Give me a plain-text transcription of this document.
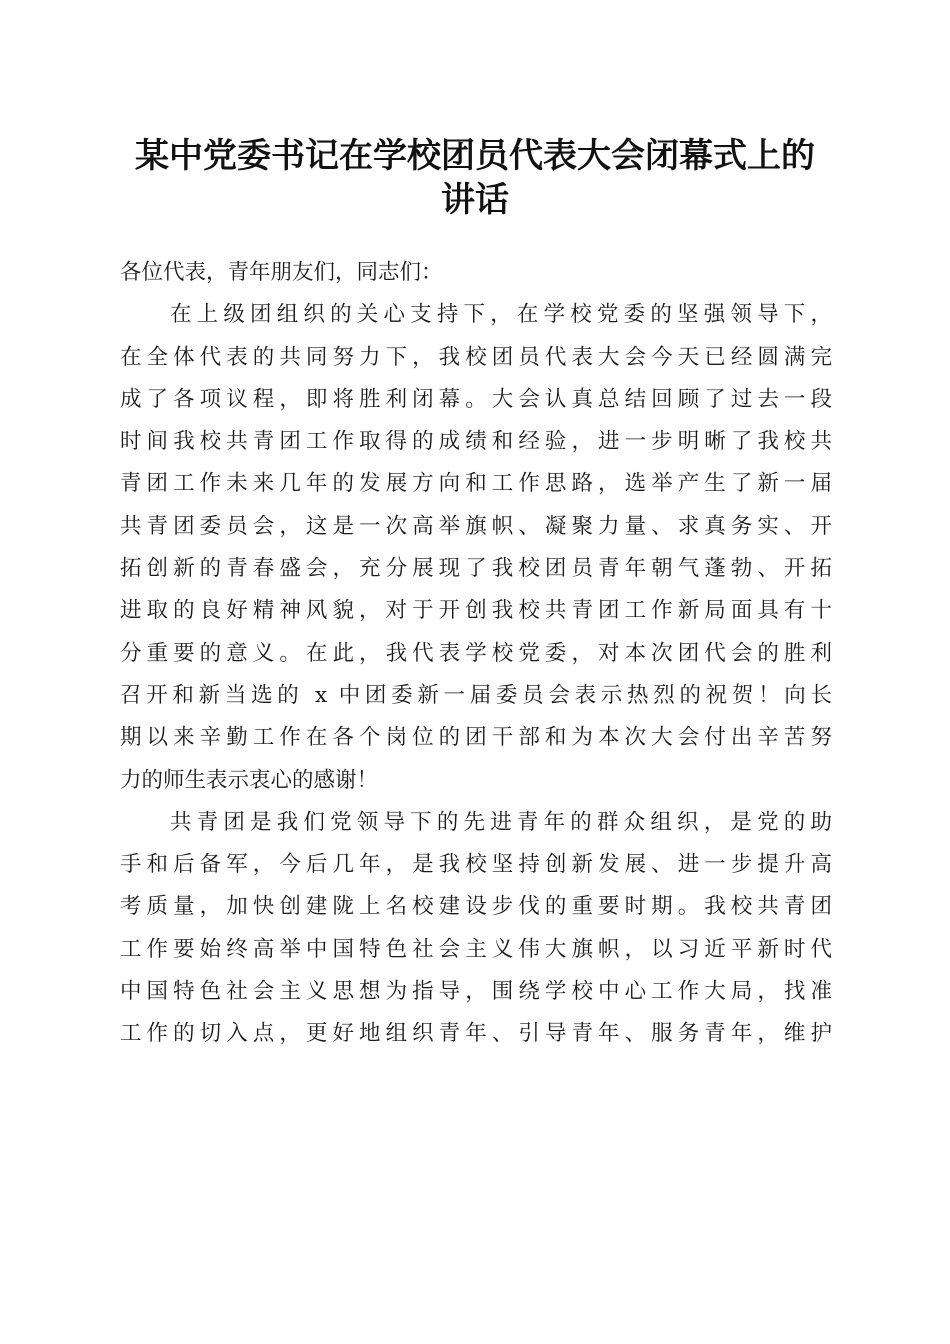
某中党委书记在学校团员代表大会闭幕式上的
讲话
各位代表，青年朋友们，同志们：
在上级团组织的关心支持下，在学校党委的坚强领导下，
在全体代表的共同努力下，我校团员代表大会今天已经圆满完
成了各项议程，即将胜利闭幕。大会认真总结回顾了过去一段
时间我校共青团工作取得的成绩和经验，进一步明晰了我校共
青团工作未来几年的发展方向和工作思路，选举产生了新一届
共青团委员会，这是一次高举旗帜、凝聚力量、求真务实、开
拓创新的青春盛会，充分展现了我校团员青年朝气蓬勃、开拓
进取的良好精神风貌，对于开创我校共青团工作新局面具有十
分重要的意义。在此，我代表学校党委，对本次团代会的胜利
召开和新当选的 x 中团委新一届委员会表示热烈的祝贺！向长
期以来辛勤工作在各个岗位的团干部和为本次大会付出辛苦努
力的师生表示衷心的感谢！
共青团是我们党领导下的先进青年的群众组织，是党的助
手和后备军，今后几年，是我校坚持创新发展、进一步提升高
考质量，加快创建陇上名校建设步伐的重要时期。我校共青团
工作要始终高举中国特色社会主义伟大旗帜，以习近平新时代
中国特色社会主义思想为指导，围绕学校中心工作大局，找准
工作的切入点，更好地组织青年、引导青年、服务青年，维护
